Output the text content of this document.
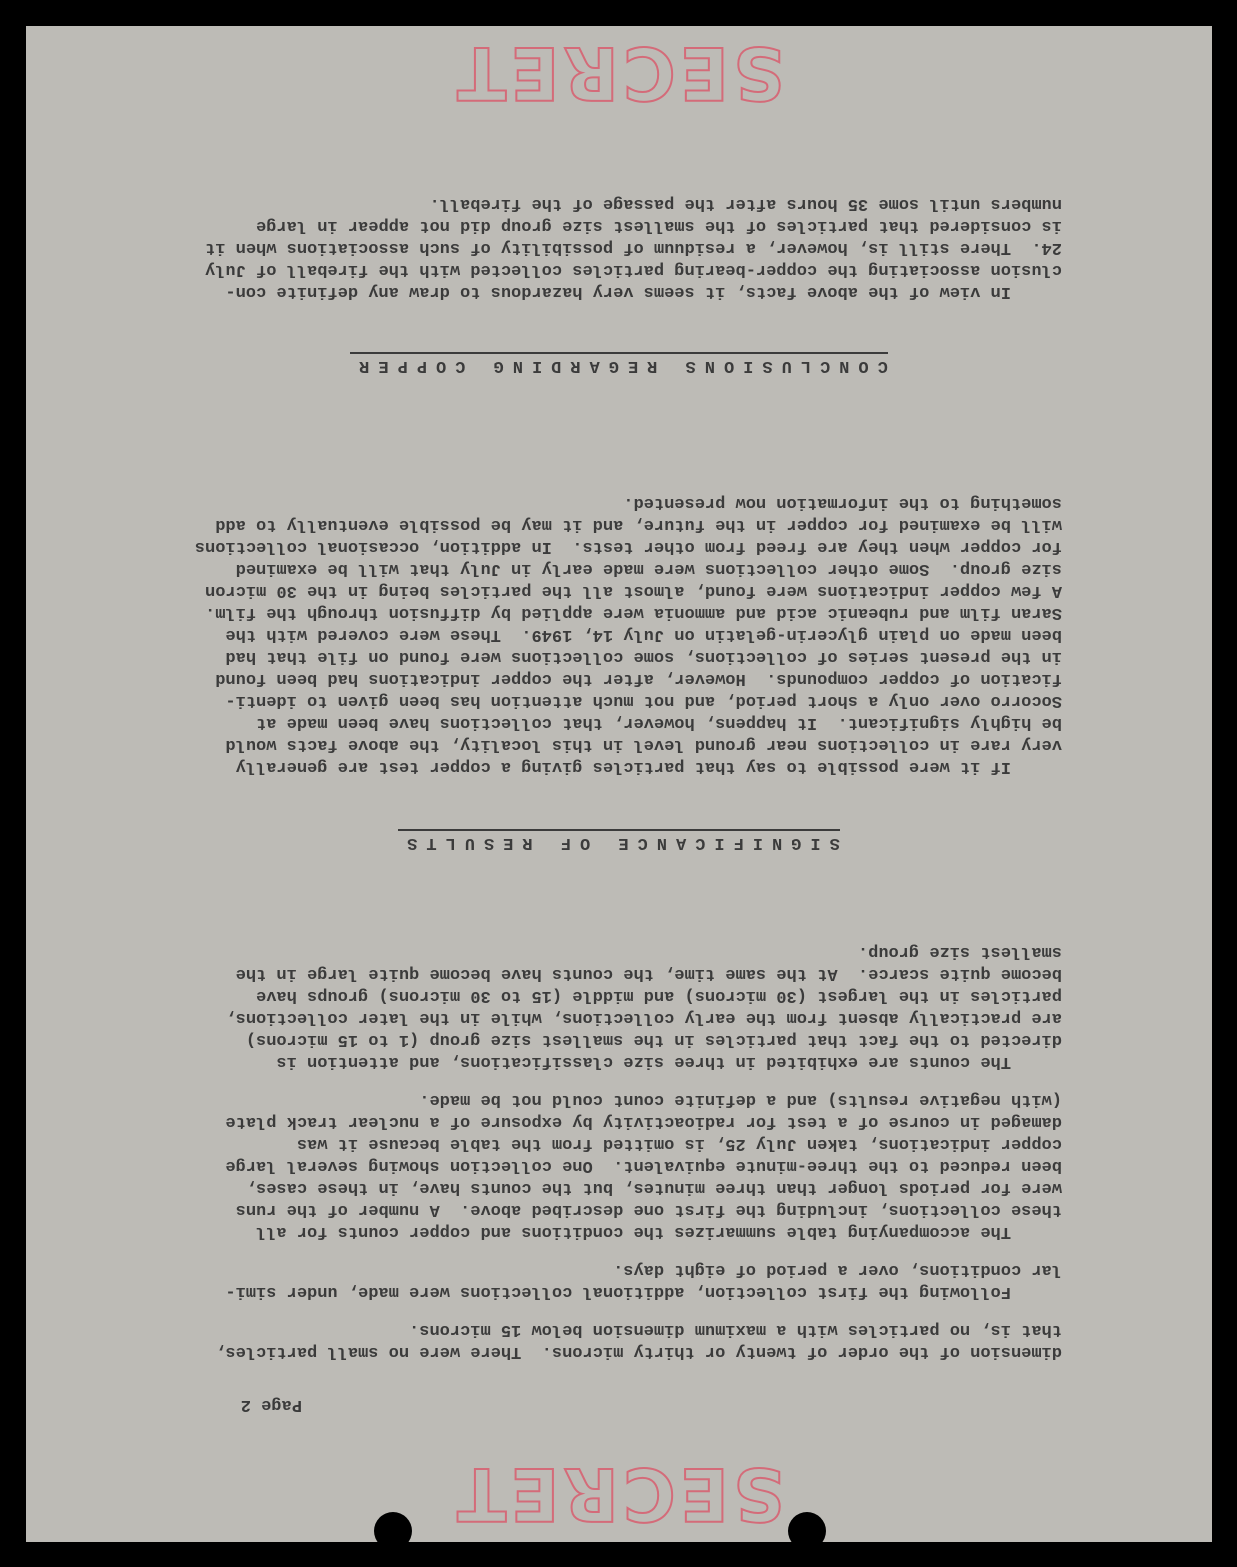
SECRET
Page 2
dimension of the order of twenty or thirty microns.  There were no small particles,
that is, no particles with a maximum dimension below 15 microns.
Following the first collection, additional collections were made, under simi-
lar conditions, over a period of eight days.
The accompanying table summarizes the conditions and copper counts for all
these collections, including the first one described above.  A number of the runs
were for periods longer than three minutes, but the counts have, in these cases,
been reduced to the three-minute equivalent.  One collection showing several large
copper indications, taken July 25, is omitted from the table because it was
damaged in course of a test for radioactivity by exposure of a nuclear track plate
(with negative results) and a definite count could not be made.
The counts are exhibited in three size classifications, and attention is
directed to the fact that particles in the smallest size group (1 to 15 microns)
are practically absent from the early collections, while in the later collections,
particles in the largest (30 microns) and middle (15 to 30 microns) groups have
become quite scarce.  At the same time, the counts have become quite large in the
smallest size group.
SIGNIFICANCE OF RESULTS
If it were possible to say that particles giving a copper test are generally
very rare in collections near ground level in this locality, the above facts would
be highly significant.  It happens, however, that collections have been made at
Socorro over only a short period, and not much attention has been given to identi-
fication of copper compounds.  However, after the copper indications had been found
in the present series of collections, some collections were found on file that had
been made on plain glycerin-gelatin on July 14, 1949.  These were covered with the
Saran film and rubeanic acid and ammonia were applied by diffusion through the film.
A few copper indications were found, almost all the particles being in the 30 micron
size group.  Some other collections were made early in July that will be examined
for copper when they are freed from other tests.  In addition, occasional collections
will be examined for copper in the future, and it may be possible eventually to add
something to the information now presented.
CONCLUSIONS REGARDING COPPER
In view of the above facts, it seems very hazardous to draw any definite con-
clusion associating the copper-bearing particles collected with the fireball of July
24.  There still is, however, a residuum of possibility of such associations when it
is considered that particles of the smallest size group did not appear in large
numbers until some 35 hours after the passage of the fireball.
SECRET
